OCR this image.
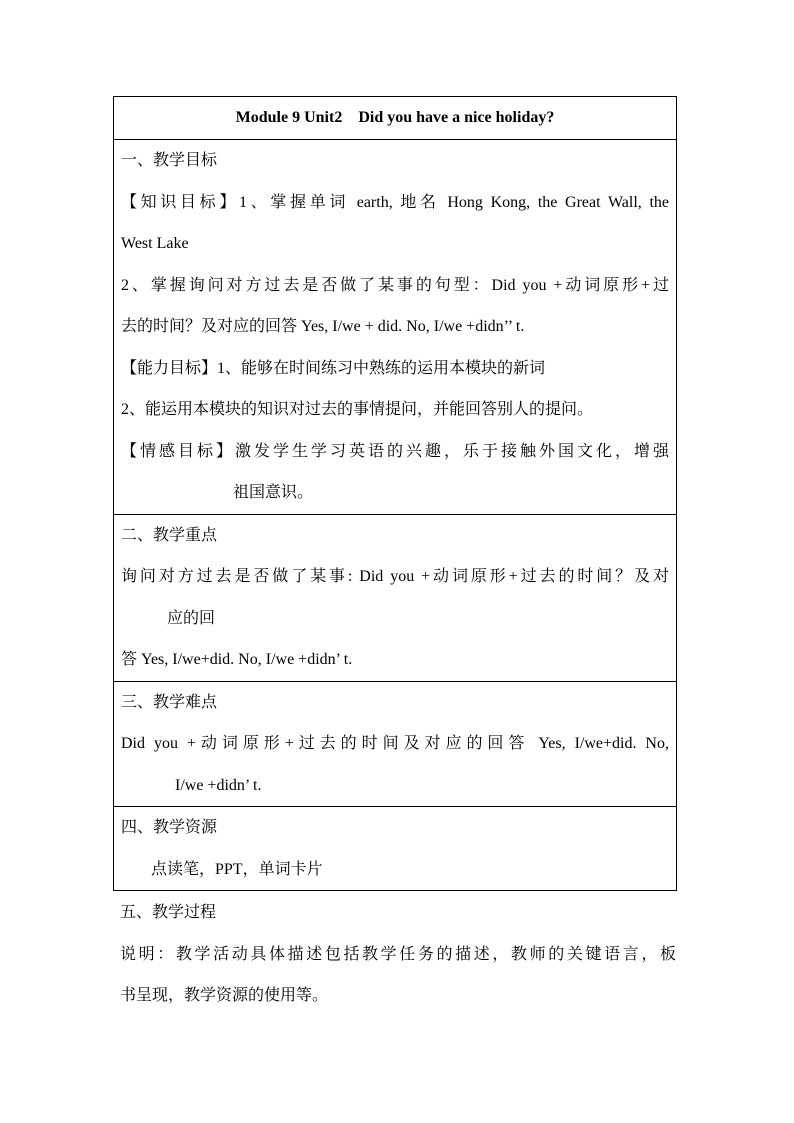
Module 9 Unit2    Did you have a nice holiday?

一、教学目标
【知识目标】1、掌握单词 earth, 地名 Hong Kong, the Great Wall, the
West Lake
2、掌握询问对方过去是否做了某事的句型：Did you +动词原形+过
去的时间？及对应的回答 Yes, I/we + did. No, I/we +didn’’ t.
【能力目标】1、能够在时间练习中熟练的运用本模块的新词
2、能运用本模块的知识对过去的事情提问，并能回答别人的提问。
【情感目标】激发学生学习英语的兴趣，乐于接触外国文化，增强
祖国意识。

二、教学重点
询问对方过去是否做了某事: Did you +动词原形+过去的时间？及对
应的回
答 Yes, I/we+did. No, I/we +didn’ t.

三、教学难点
Did you +动词原形+过去的时间及对应的回答 Yes, I/we+did. No,
I/we +didn’ t.

四、教学资源
点读笔，PPT，单词卡片
五、教学过程
说明：教学活动具体描述包括教学任务的描述，教师的关键语言，板
书呈现，教学资源的使用等。
